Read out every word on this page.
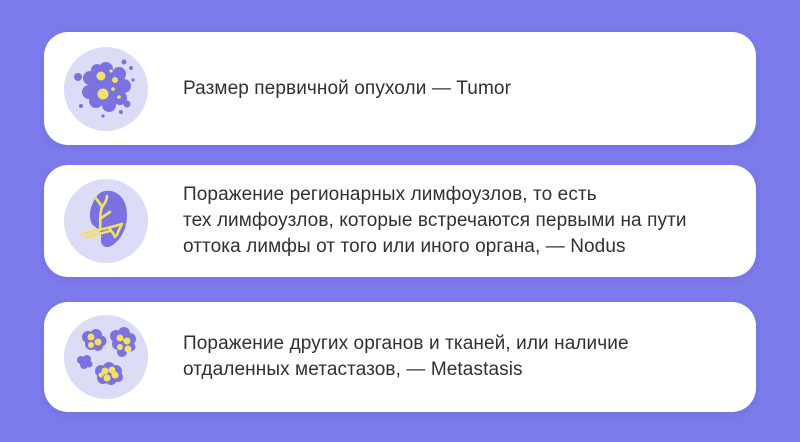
Размер первичной опухоли — Tumor
Поражение регионарных лимфоузлов, то есть
тех лимфоузлов, которые встречаются первыми на пути
оттока лимфы от того или иного органа, — Nodus
Поражение других органов и тканей, или наличие
отдаленных метастазов, — Metastasis
